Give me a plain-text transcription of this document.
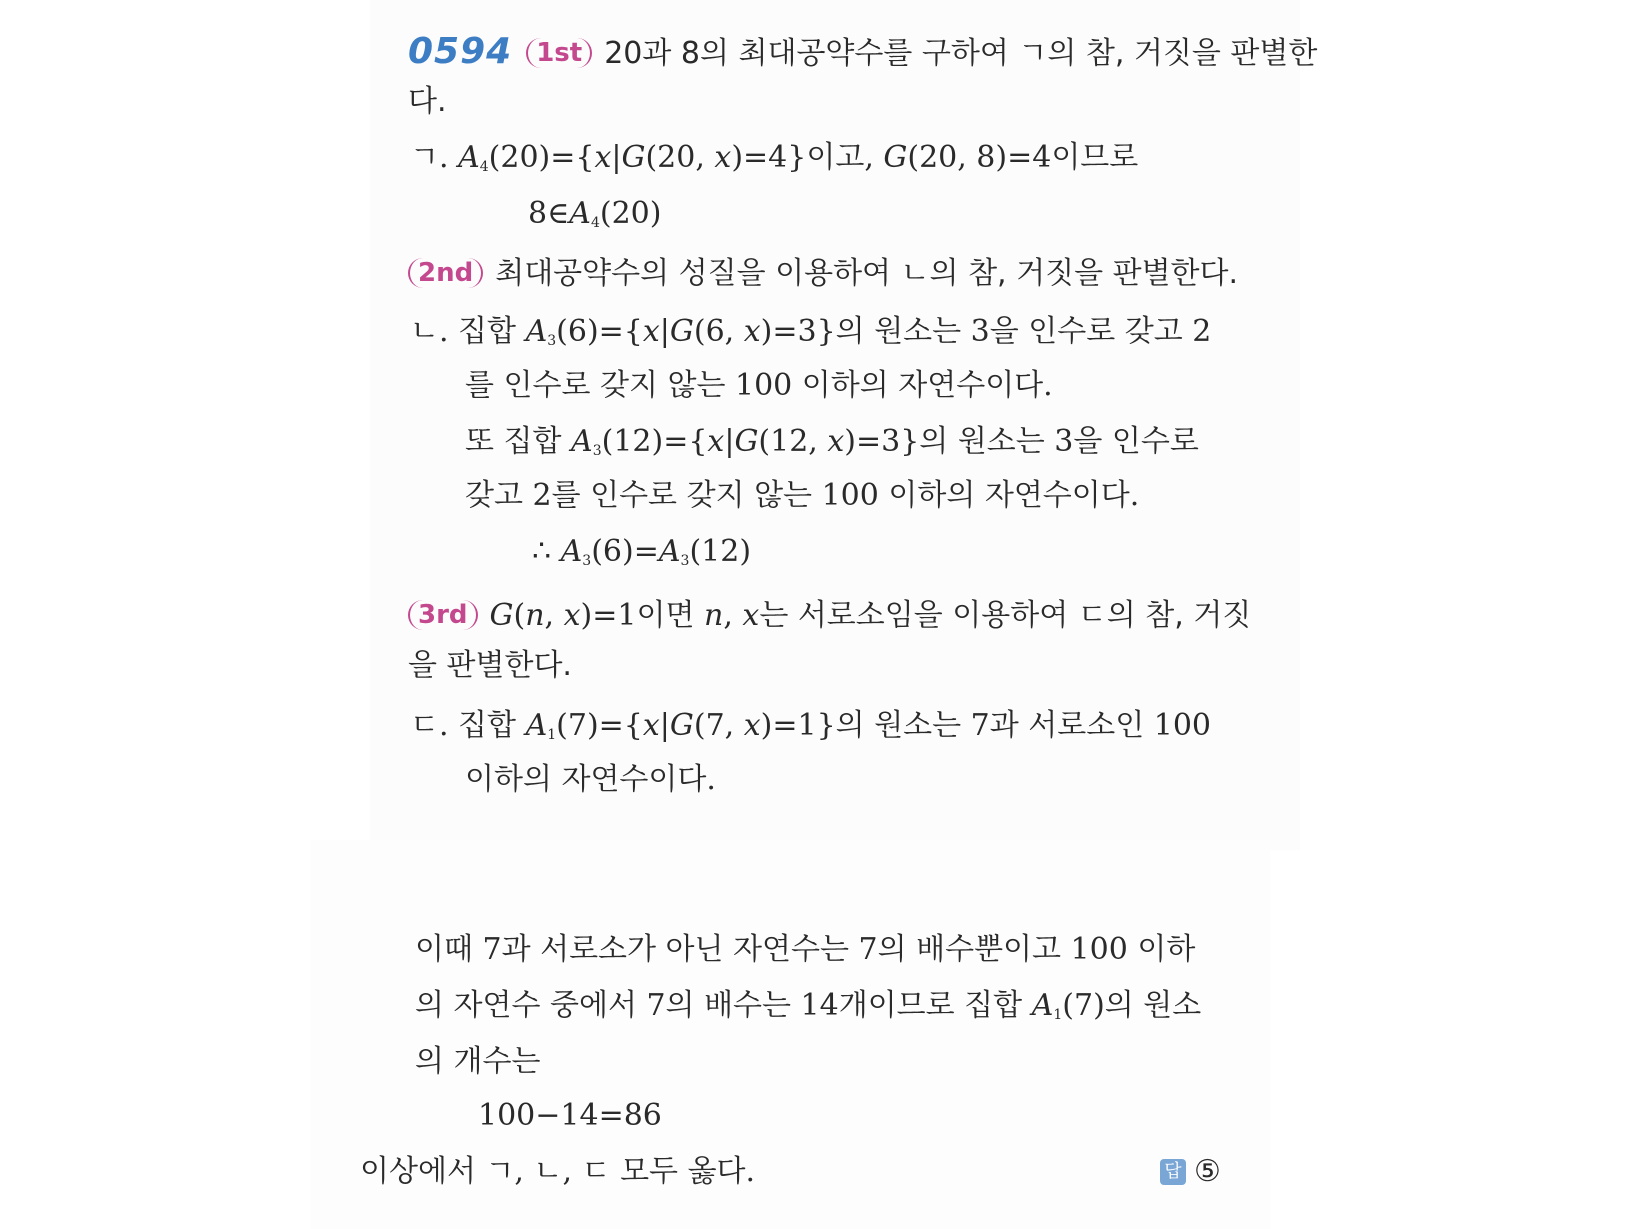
0594 1st 20과 8의 최대공약수를 구하여 ㄱ의 참, 거짓을 판별한
다.
ㄱ. $A_4(20)=\{x|G(20$, x)=4}이고, G(20, 8)=4이므로
$8\in A_4(20)$
2nd 최대공약수의 성질을 이용하여 ㄴ의 참, 거짓을 판별한다.
ㄴ. 집합 $A_3(6)=\{x|G(6$, x)=3}의 원소는 3을 인수로 갖고 2
를 인수로 갖지 않는 100 이하의 자연수이다.
또 집합 $A_3(12)=\{x|G(12$, x)=3}의 원소는 3을 인수로
갖고 2를 인수로 갖지 않는 100 이하의 자연수이다.
∴ $A_3(6)=A_3(12)$
3rd G(n, x)=1이면 n, x는 서로소임을 이용하여 ㄷ의 참, 거짓
을 판별한다.
ㄷ. 집합 $A_1(7)=\{x|G(7$, x)=1}의 원소는 7과 서로소인 100
이하의 자연수이다.
이때 7과 서로소가 아닌 자연수는 7의 배수뿐이고 100 이하
의 자연수 중에서 7의 배수는 14개이므로 집합 $A_1(7)$의 원소
의 개수는
100−14=86
이상에서 ㄱ, ㄴ, ㄷ 모두 옳다.	답 ⑤
